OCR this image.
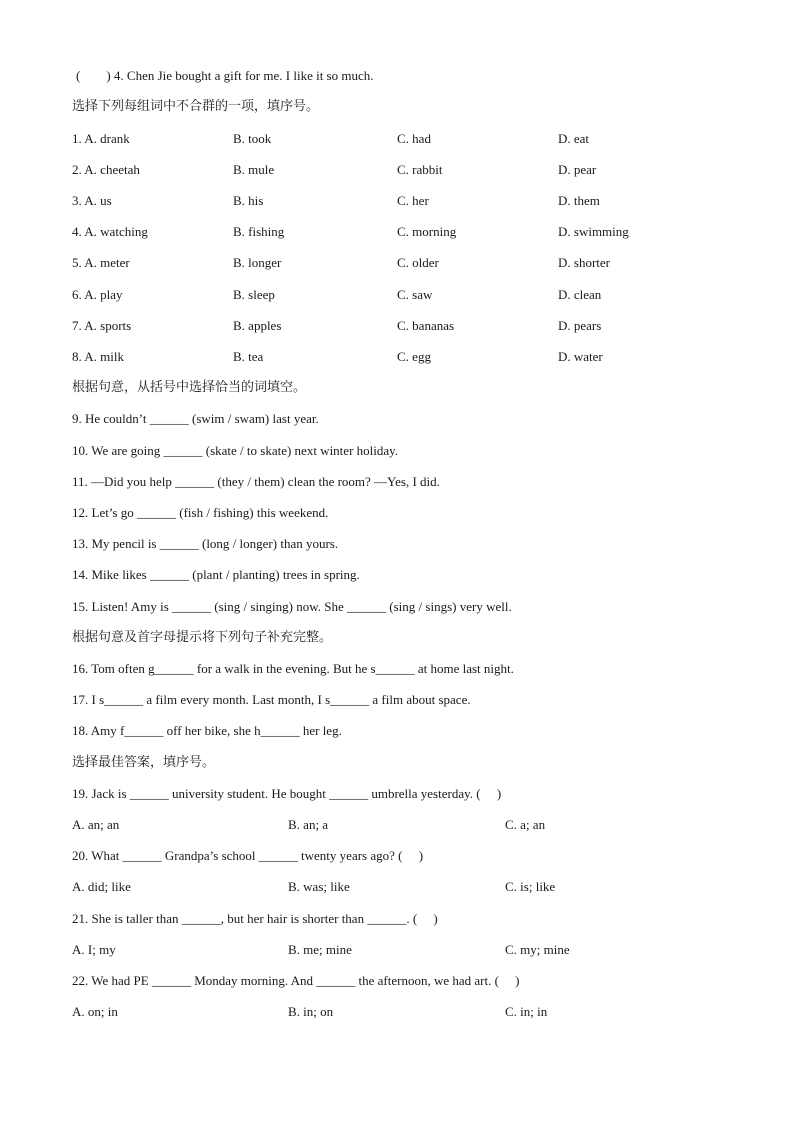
(　　) 4. Chen Jie bought a gift for me. I like it so much.
选择下列每组词中不合群的一项，填序号。
1. A. drank	B. took	C. had	D. eat
2. A. cheetah	B. mule	C. rabbit	D. pear
3. A. us	B. his	C. her	D. them
4. A. watching	B. fishing	C. morning	D. swimming
5. A. meter	B. longer	C. older	D. shorter
6. A. play	B. sleep	C. saw	D. clean
7. A. sports	B. apples	C. bananas	D. pears
8. A. milk	B. tea	C. egg	D. water
根据句意，从括号中选择恰当的词填空。
9. He couldn’t ______ (swim / swam) last year.
10. We are going ______ (skate / to skate) next winter holiday.
11. —Did you help ______ (they / them) clean the room? —Yes, I did.
12. Let’s go ______ (fish / fishing) this weekend.
13. My pencil is ______ (long / longer) than yours.
14. Mike likes ______ (plant / planting) trees in spring.
15. Listen! Amy is ______ (sing / singing) now. She ______ (sing / sings) very well.
根据句意及首字母提示将下列句子补充完整。
16. Tom often g______ for a walk in the evening. But he s______ at home last night.
17. I s______ a film every month. Last month, I s______ a film about space.
18. Amy f______ off her bike, she h______ her leg.
选择最佳答案，填序号。
19. Jack is ______ university student. He bought ______ umbrella yesterday. (　 )
A. an; an	B. an; a	C. a; an
20. What ______ Grandpa’s school ______ twenty years ago? (　 )
A. did; like	B. was; like	C. is; like
21. She is taller than ______, but her hair is shorter than ______. (　 )
A. I; my	B. me; mine	C. my; mine
22. We had PE ______ Monday morning. And ______ the afternoon, we had art. (　 )
A. on; in	B. in; on	C. in; in
